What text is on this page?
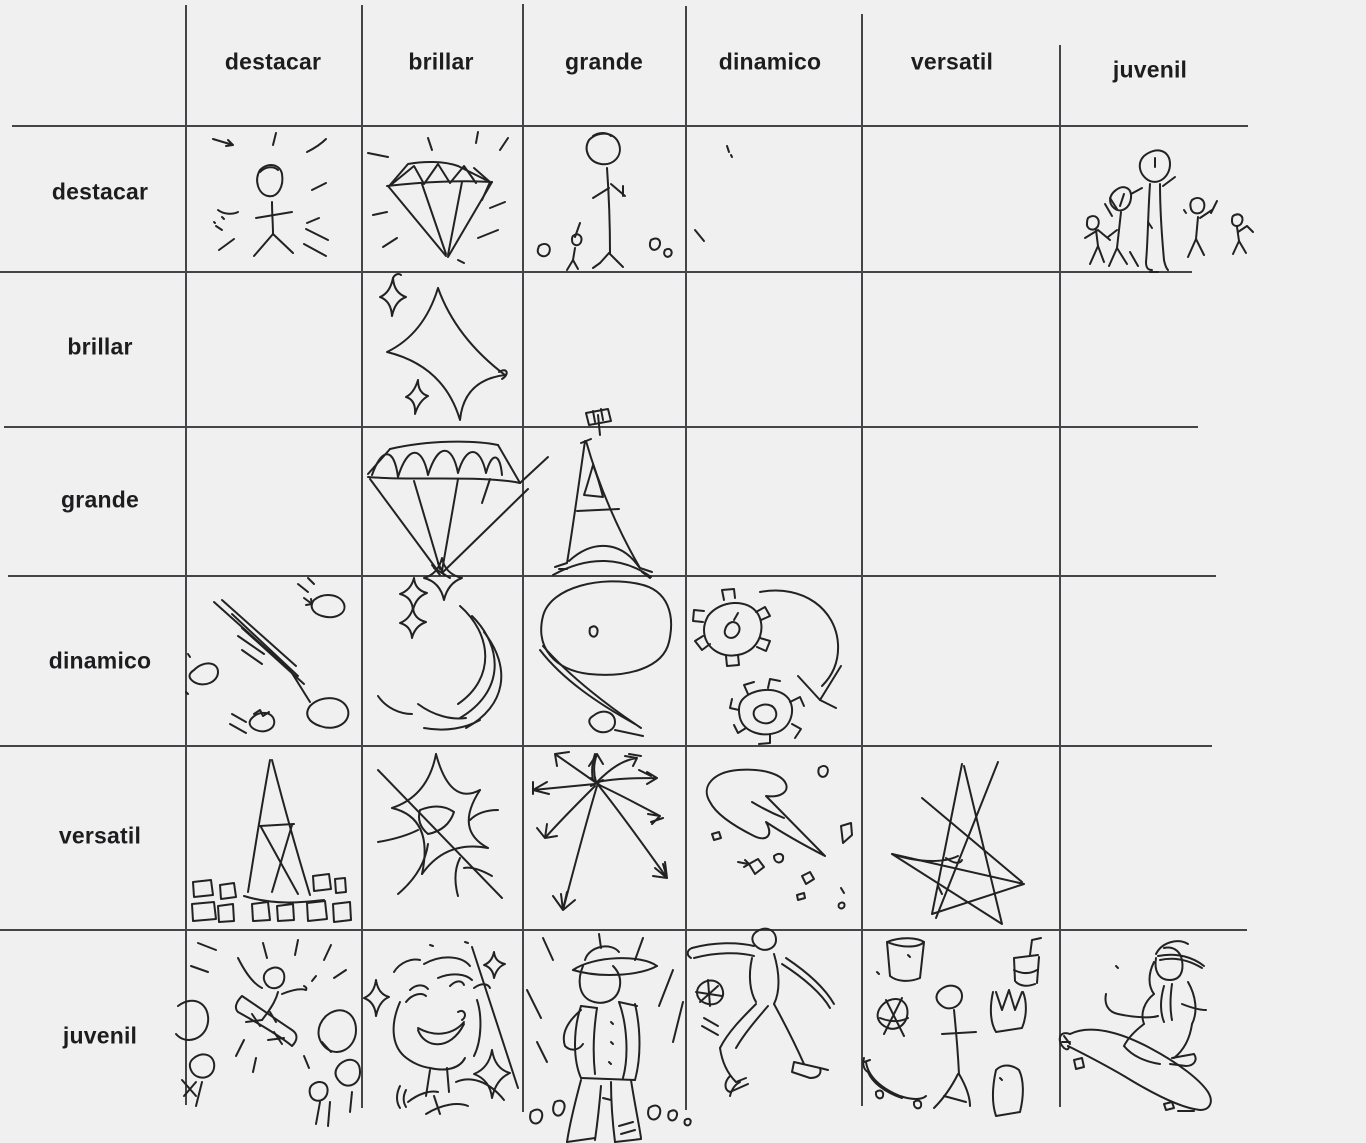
destacar	brillar	grande	dinamico	versatil	juvenil
destacar
brillar
grande
dinamico
versatil
juvenil
